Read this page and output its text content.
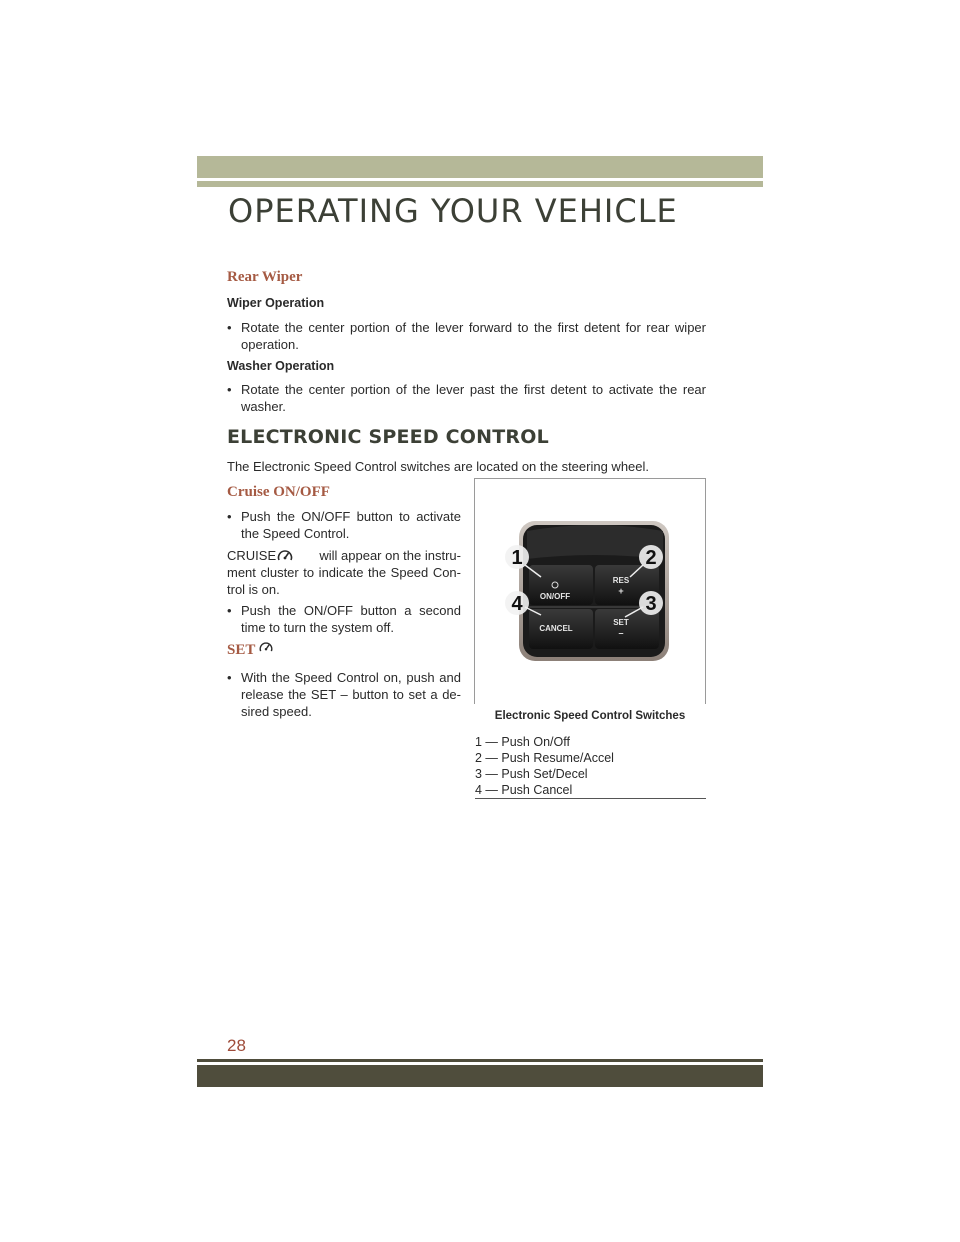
OPERATING YOUR VEHICLE
Rear Wiper
Wiper Operation
• Rotate the center portion of the lever forward to the first detent for rear wiper operation.
Washer Operation
• Rotate the center portion of the lever past the first detent to activate the rear washer.
ELECTRONIC SPEED CONTROL
The Electronic Speed Control switches are located on the steering wheel.
Cruise ON/OFF
• Push the ON/OFF button to activate the Speed Control.
CRUISE	will appear on the instru-
ment cluster to indicate the Speed Con- trol is on.
• Push the ON/OFF button a second time to turn the system off.
SET
• With the Speed Control on, push and release the SET – button to set a de- sired speed.
ON/OFF
RES
+
CANCEL
SET
–
1	2
3
4
Electronic Speed Control Switches
1 — Push On/Off
2 — Push Resume/Accel
3 — Push Set/Decel
4 — Push Cancel
28
